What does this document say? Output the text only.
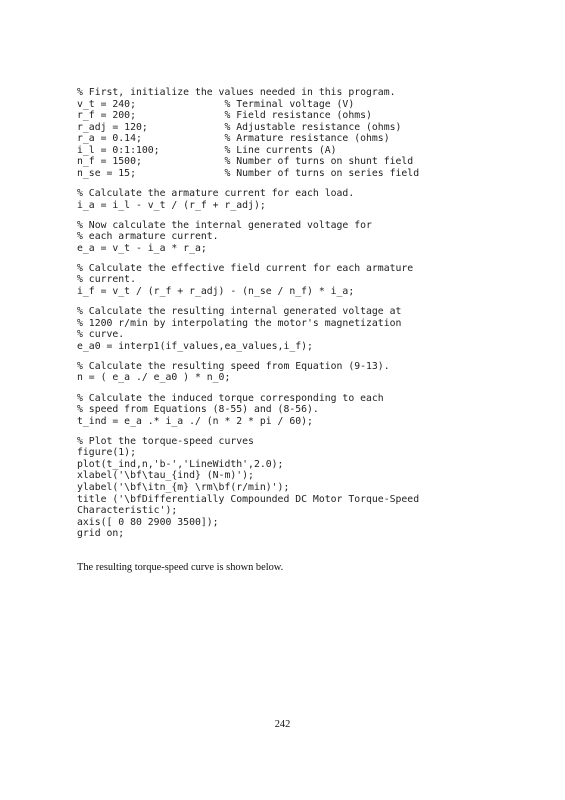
% First, initialize the values needed in this program.
v_t = 240;               % Terminal voltage (V)
r_f = 200;               % Field resistance (ohms)
r_adj = 120;             % Adjustable resistance (ohms)
r_a = 0.14;              % Armature resistance (ohms)
i_l = 0:1:100;           % Line currents (A)
n_f = 1500;              % Number of turns on shunt field
n_se = 15;               % Number of turns on series field
% Calculate the armature current for each load.
i_a = i_l - v_t / (r_f + r_adj);
% Now calculate the internal generated voltage for
% each armature current.
e_a = v_t - i_a * r_a;
% Calculate the effective field current for each armature
% current.
i_f = v_t / (r_f + r_adj) - (n_se / n_f) * i_a;
% Calculate the resulting internal generated voltage at
% 1200 r/min by interpolating the motor's magnetization
% curve.
e_a0 = interp1(if_values,ea_values,i_f);
% Calculate the resulting speed from Equation (9-13).
n = ( e_a ./ e_a0 ) * n_0;
% Calculate the induced torque corresponding to each
% speed from Equations (8-55) and (8-56).
t_ind = e_a .* i_a ./ (n * 2 * pi / 60);
% Plot the torque-speed curves
figure(1);
plot(t_ind,n,'b-','LineWidth',2.0);
xlabel('\bf\tau_{ind} (N-m)');
ylabel('\bf\itn_{m} \rm\bf(r/min)');
title ('\bfDifferentially Compounded DC Motor Torque-Speed
Characteristic');
axis([ 0 80 2900 3500]);
grid on;

The resulting torque-speed curve is shown below.

242
